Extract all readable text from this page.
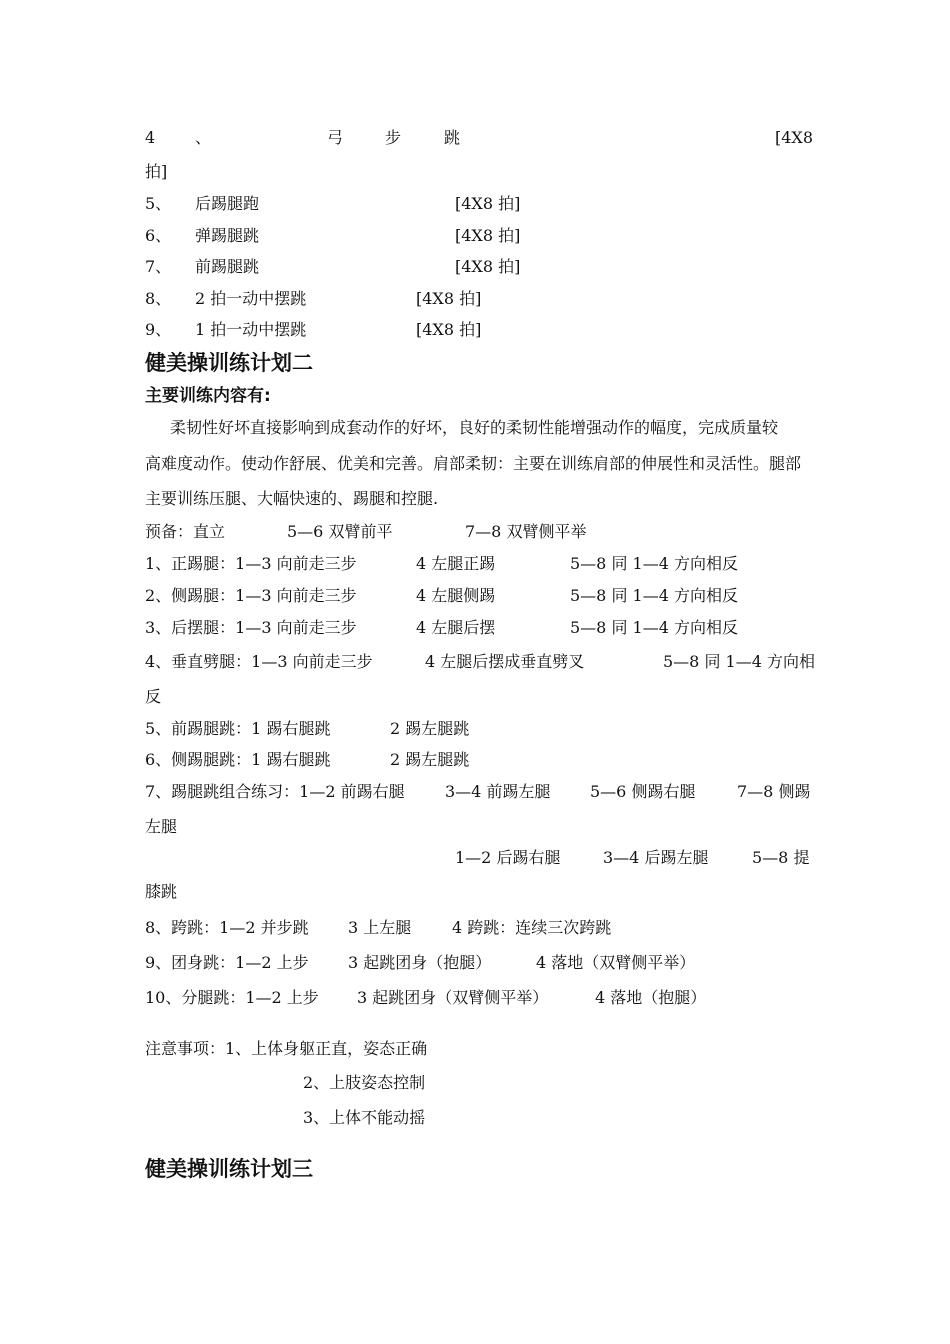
4 、	弓	步	跳	[4X8
拍]
5、 后踢腿跑	[4X8 拍]
6、 弹踢腿跳	[4X8 拍]
7、 前踢腿跳	[4X8 拍]
8、 2 拍一动中摆跳	[4X8 拍]
9、 1 拍一动中摆跳	[4X8 拍]
健美操训练计划二
主要训练内容有:
柔韧性好坏直接影响到成套动作的好坏，良好的柔韧性能增强动作的幅度，完成质量较
高难度动作。使动作舒展、优美和完善。肩部柔韧：主要在训练肩部的伸展性和灵活性。腿部
主要训练压腿、大幅快速的、踢腿和控腿.
预备：直立	5—6 双臂前平	7—8 双臂侧平举
1、正踢腿：1—3 向前走三步	4 左腿正踢	5—8 同 1—4 方向相反
2、侧踢腿：1—3 向前走三步	4 左腿侧踢	5—8 同 1—4 方向相反
3、后摆腿：1—3 向前走三步	4 左腿后摆	5—8 同 1—4 方向相反
4、垂直劈腿：1—3 向前走三步	4 左腿后摆成垂直劈叉	5—8 同 1—4 方向相
反
5、前踢腿跳：1 踢右腿跳	2 踢左腿跳
6、侧踢腿跳：1 踢右腿跳	2 踢左腿跳
7、踢腿跳组合练习：1—2 前踢右腿	3—4 前踢左腿 5—6 侧踢右腿	7—8 侧踢
左腿
1—2 后踢右腿	3—4 后踢左腿	5—8 提
膝跳
8、跨跳：1—2 并步跳 3 上左腿	4 跨跳：连续三次跨跳
9、团身跳：1—2 上步 3 起跳团身（抱腿）	4 落地（双臂侧平举）
10、分腿跳：1—2 上步 3 起跳团身（双臂侧平举）	4 落地（抱腿）
注意事项：1、上体身躯正直，姿态正确
2、上肢姿态控制
3、上体不能动摇
健美操训练计划三
